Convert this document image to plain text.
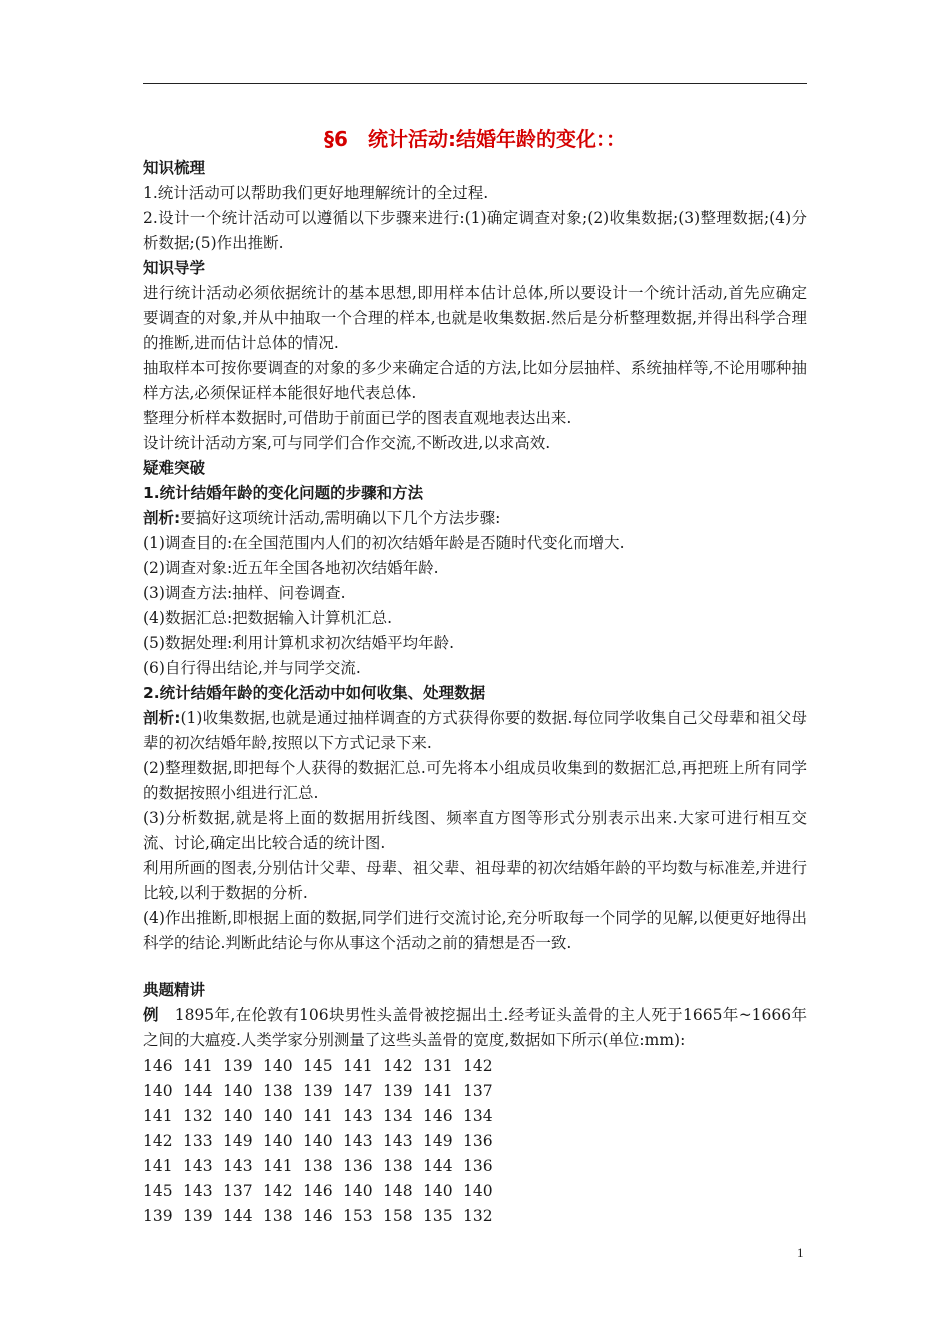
§6　统计活动:结婚年龄的变化：：
知识梳理
1.统计活动可以帮助我们更好地理解统计的全过程.
2.设计一个统计活动可以遵循以下步骤来进行:(1)确定调查对象;(2)收集数据;(3)整理数据;(4)分析数据;(5)作出推断.
知识导学
进行统计活动必须依据统计的基本思想,即用样本估计总体,所以要设计一个统计活动,首先应确定要调查的对象,并从中抽取一个合理的样本,也就是收集数据.然后是分析整理数据,并得出科学合理的推断,进而估计总体的情况.
抽取样本可按你要调查的对象的多少来确定合适的方法,比如分层抽样、系统抽样等,不论用哪种抽样方法,必须保证样本能很好地代表总体.
整理分析样本数据时,可借助于前面已学的图表直观地表达出来.
设计统计活动方案,可与同学们合作交流,不断改进,以求高效.
疑难突破
1.统计结婚年龄的变化问题的步骤和方法
剖析:要搞好这项统计活动,需明确以下几个方法步骤:
(1)调查目的:在全国范围内人们的初次结婚年龄是否随时代变化而增大.
(2)调查对象:近五年全国各地初次结婚年龄.
(3)调查方法:抽样、问卷调查.
(4)数据汇总:把数据输入计算机汇总.
(5)数据处理:利用计算机求初次结婚平均年龄.
(6)自行得出结论,并与同学交流.
2.统计结婚年龄的变化活动中如何收集、处理数据
剖析:(1)收集数据,也就是通过抽样调查的方式获得你要的数据.每位同学收集自己父母辈和祖父母辈的初次结婚年龄,按照以下方式记录下来.
(2)整理数据,即把每个人获得的数据汇总.可先将本小组成员收集到的数据汇总,再把班上所有同学的数据按照小组进行汇总.
(3)分析数据,就是将上面的数据用折线图、频率直方图等形式分别表示出来.大家可进行相互交流、讨论,确定出比较合适的统计图.
利用所画的图表,分别估计父辈、母辈、祖父辈、祖母辈的初次结婚年龄的平均数与标准差,并进行比较,以利于数据的分析.
(4)作出推断,即根据上面的数据,同学们进行交流讨论,充分听取每一个同学的见解,以便更好地得出科学的结论.判断此结论与你从事这个活动之前的猜想是否一致.
典题精讲
例 1895年,在伦敦有106块男性头盖骨被挖掘出土.经考证头盖骨的主人死于1665年~1666年之间的大瘟疫.人类学家分别测量了这些头盖骨的宽度,数据如下所示(单位:mm):
146	141	139	140	145	141	142	131	142
140	144	140	138	139	147	139	141	137
141	132	140	140	141	143	134	146	134
142	133	149	140	140	143	143	149	136
141	143	143	141	138	136	138	144	136
145	143	137	142	146	140	148	140	140
139	139	144	138	146	153	158	135	132
1
